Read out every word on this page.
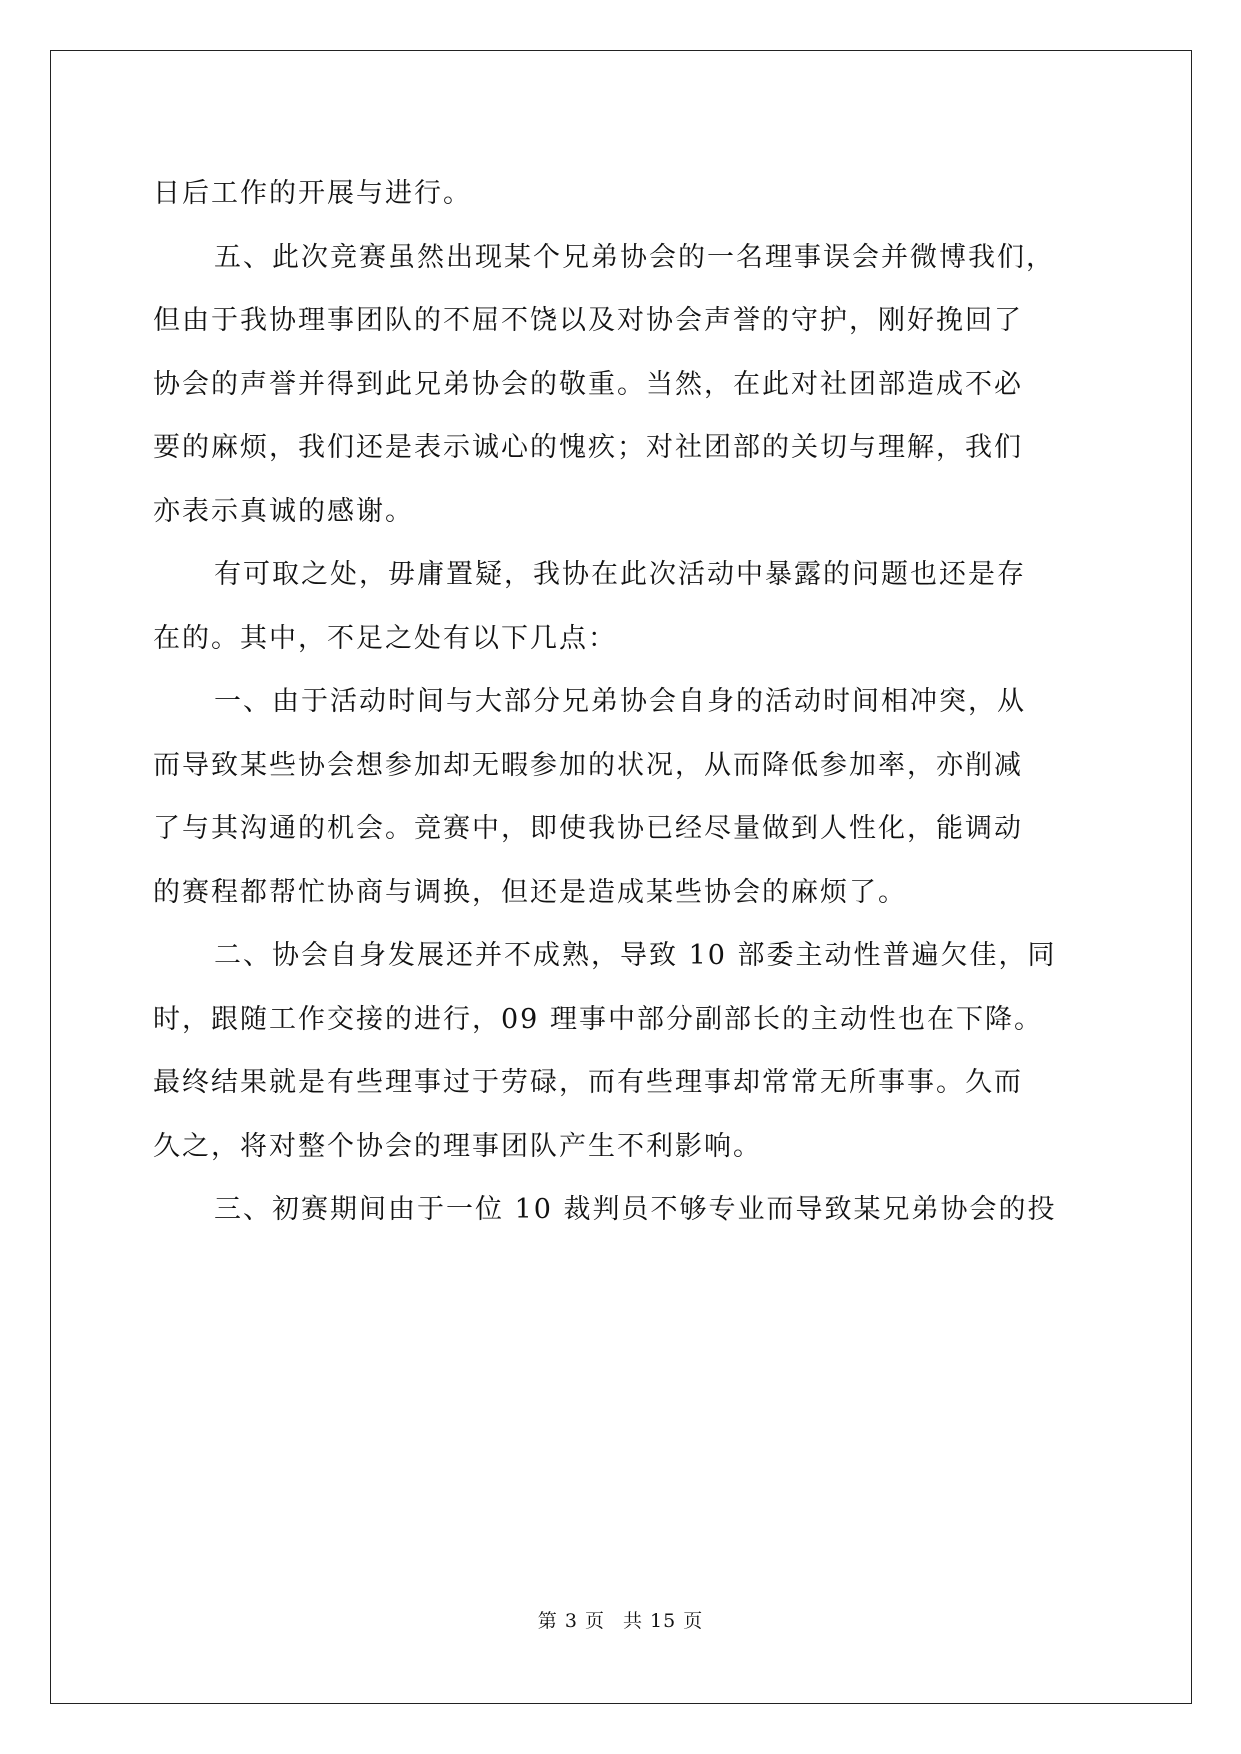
日后工作的开展与进行。

五、此次竞赛虽然出现某个兄弟协会的一名理事误会并微博我们，
但由于我协理事团队的不屈不饶以及对协会声誉的守护，刚好挽回了
协会的声誉并得到此兄弟协会的敬重。当然，在此对社团部造成不必
要的麻烦，我们还是表示诚心的愧疚；对社团部的关切与理解，我们
亦表示真诚的感谢。

有可取之处，毋庸置疑，我协在此次活动中暴露的问题也还是存
在的。其中，不足之处有以下几点：

一、由于活动时间与大部分兄弟协会自身的活动时间相冲突，从
而导致某些协会想参加却无暇参加的状况，从而降低参加率，亦削减
了与其沟通的机会。竞赛中，即使我协已经尽量做到人性化，能调动
的赛程都帮忙协商与调换，但还是造成某些协会的麻烦了。

二、协会自身发展还并不成熟，导致 10 部委主动性普遍欠佳，同
时，跟随工作交接的进行，09 理事中部分副部长的主动性也在下降。
最终结果就是有些理事过于劳碌，而有些理事却常常无所事事。久而
久之，将对整个协会的理事团队产生不利影响。

三、初赛期间由于一位 10 裁判员不够专业而导致某兄弟协会的投

第 3 页 共 15 页
